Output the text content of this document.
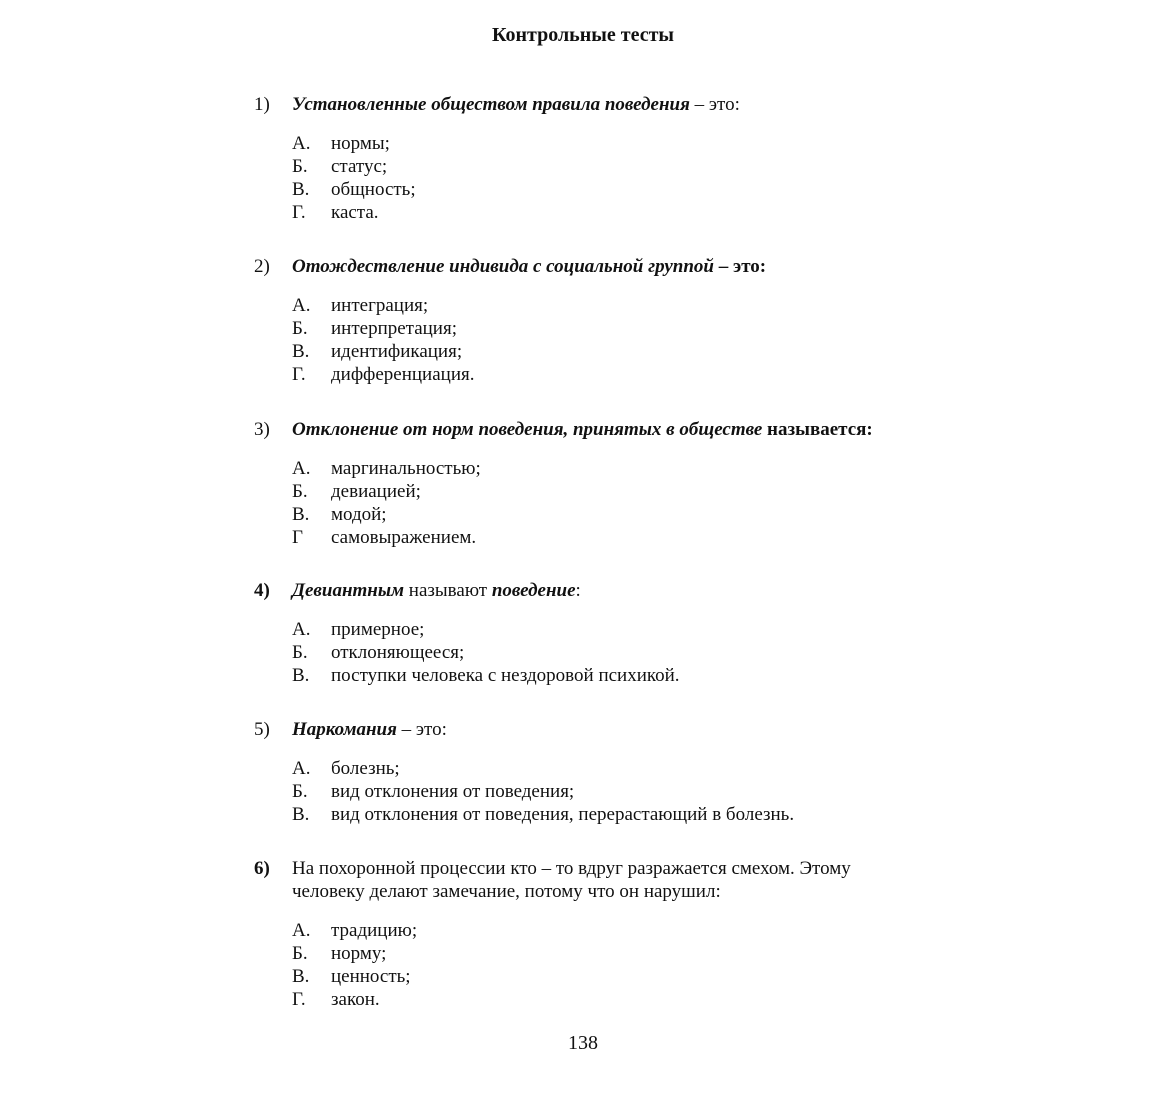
Контрольные тесты
1) Установленные обществом правила поведения – это:
А. нормы;
Б. статус;
В. общность;
Г. каста.
2) Отождествление индивида с социальной группой – это:
А. интеграция;
Б. интерпретация;
В. идентификация;
Г. дифференциация.
3) Отклонение от норм поведения, принятых в обществе называется:
А. маргинальностью;
Б. девиацией;
В. модой;
Г самовыражением.
4) Девиантным называют поведение:
А. примерное;
Б. отклоняющееся;
В. поступки человека с нездоровой психикой.
5) Наркомания – это:
А. болезнь;
Б. вид отклонения от поведения;
В. вид отклонения от поведения, перерастающий в болезнь.
6) На похоронной процессии кто – то вдруг разражается смехом. Этому человеку делают замечание, потому что он нарушил:
А. традицию;
Б. норму;
В. ценность;
Г. закон.
138
